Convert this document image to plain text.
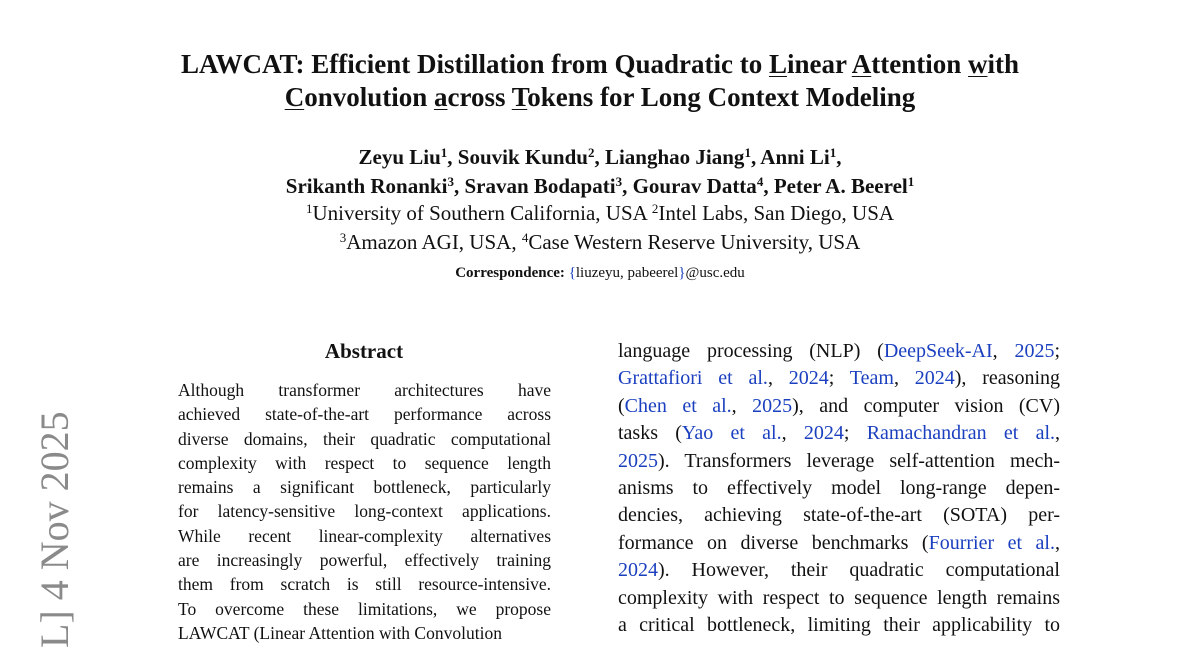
L] 4 Nov 2025
LAWCAT: Efficient Distillation from Quadratic to Linear Attention with
Convolution across Tokens for Long Context Modeling
Zeyu Liu$^1$, Souvik Kundu$^2$, Lianghao Jiang$^1$, Anni Li$^1$,
Srikanth Ronanki$^3$, Sravan Bodapati$^3$, Gourav Datta$^4$, Peter A. Beerel$^1$
$^1$University of Southern California, USA $^2$Intel Labs, San Diego, USA
$^3$Amazon AGI, USA, $^4$Case Western Reserve University, USA
Correspondence: {liuzeyu, pabeerel}@usc.edu
Abstract
Although transformer architectures have
achieved state-of-the-art performance across
diverse domains, their quadratic computational
complexity with respect to sequence length
remains a significant bottleneck, particularly
for latency-sensitive long-context applications.
While recent linear-complexity alternatives
are increasingly powerful, effectively training
them from scratch is still resource-intensive.
To overcome these limitations, we propose
LAWCAT (Linear Attention with Convolution
language processing (NLP) (DeepSeek-AI, 2025;
Grattafiori et al., 2024; Team, 2024), reasoning
(Chen et al., 2025), and computer vision (CV)
tasks (Yao et al., 2024; Ramachandran et al.,
2025). Transformers leverage self-attention mech-
anisms to effectively model long-range depen-
dencies, achieving state-of-the-art (SOTA) per-
formance on diverse benchmarks (Fourrier et al.,
2024). However, their quadratic computational
complexity with respect to sequence length remains
a critical bottleneck, limiting their applicability to
